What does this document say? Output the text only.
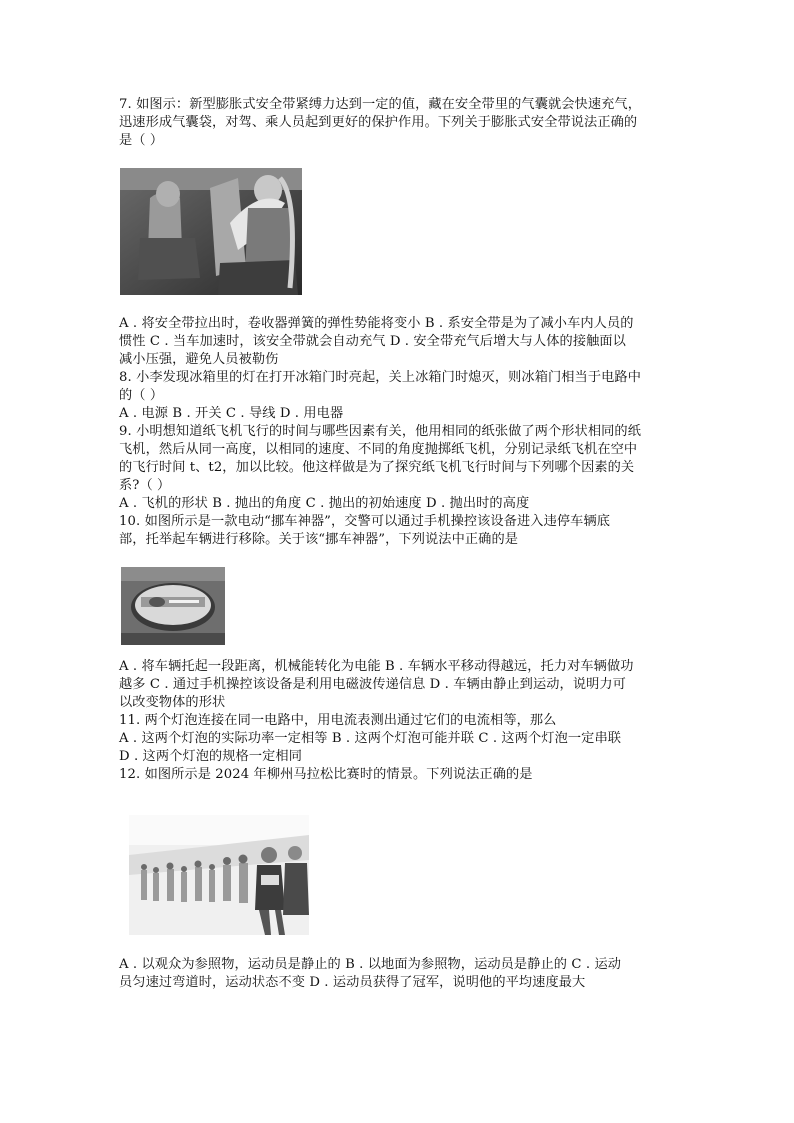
7. 如图示：新型膨胀式安全带紧缚力达到一定的值，藏在安全带里的气囊就会快速充气，
迅速形成气囊袋，对驾、乘人员起到更好的保护作用。下列关于膨胀式安全带说法正确的
是（ ）
A . 将安全带拉出时，卷收器弹簧的弹性势能将变小 B . 系安全带是为了减小车内人员的
惯性 C . 当车加速时，该安全带就会自动充气 D . 安全带充气后增大与人体的接触面以
减小压强，避免人员被勒伤
8. 小李发现冰箱里的灯在打开冰箱门时亮起，关上冰箱门时熄灭，则冰箱门相当于电路中
的（ ）
A . 电源 B . 开关 C . 导线 D . 用电器
9. 小明想知道纸飞机飞行的时间与哪些因素有关，他用相同的纸张做了两个形状相同的纸
飞机，然后从同一高度，以相同的速度、不同的角度抛掷纸飞机，分别记录纸飞机在空中
的飞行时间 t、t2，加以比较。他这样做是为了探究纸飞机飞行时间与下列哪个因素的关
系?（ ）
A . 飞机的形状 B . 抛出的角度 C . 抛出的初始速度 D . 抛出时的高度
10. 如图所示是一款电动“挪车神器”，交警可以通过手机操控该设备进入违停车辆底
部，托举起车辆进行移除。关于该“挪车神器”，下列说法中正确的是
A . 将车辆托起一段距离，机械能转化为电能 B . 车辆水平移动得越远，托力对车辆做功
越多 C . 通过手机操控该设备是利用电磁波传递信息 D . 车辆由静止到运动，说明力可
以改变物体的形状
11. 两个灯泡连接在同一电路中，用电流表测出通过它们的电流相等，那么
A . 这两个灯泡的实际功率一定相等 B . 这两个灯泡可能并联 C . 这两个灯泡一定串联
D . 这两个灯泡的规格一定相同
12. 如图所示是 2024 年柳州马拉松比赛时的情景。下列说法正确的是
A . 以观众为参照物，运动员是静止的 B . 以地面为参照物，运动员是静止的 C . 运动
员匀速过弯道时，运动状态不变 D . 运动员获得了冠军，说明他的平均速度最大
